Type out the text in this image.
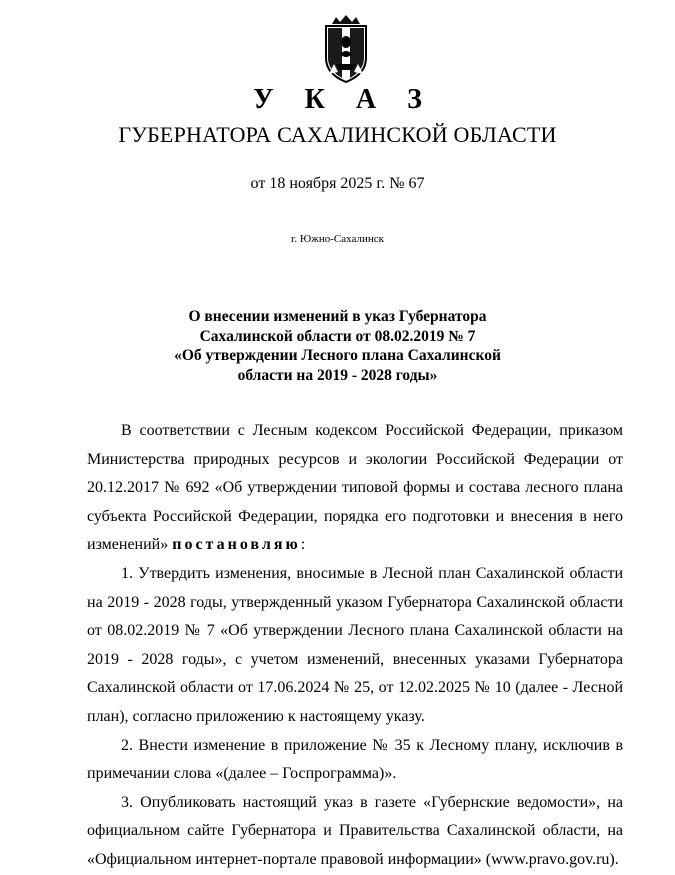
У К А З
ГУБЕРНАТОРА САХАЛИНСКОЙ ОБЛАСТИ
от 18 ноября 2025 г. № 67
г. Южно-Сахалинск
О внесении изменений в указ Губернатора
Сахалинской области от 08.02.2019 № 7
«Об утверждении Лесного плана Сахалинской
области на 2019 - 2028 годы»

В соответствии с Лесным кодексом Российской Федерации, приказом Министерства природных ресурсов и экологии Российской Федерации от 20.12.2017 № 692 «Об утверждении типовой формы и состава лесного плана субъекта Российской Федерации, порядка его подготовки и внесения в него изменений» постановляю:

1. Утвердить изменения, вносимые в Лесной план Сахалинской области на 2019 - 2028 годы, утвержденный указом Губернатора Сахалинской области от 08.02.2019 № 7 «Об утверждении Лесного плана Сахалинской области на 2019 - 2028 годы», с учетом изменений, внесенных указами Губернатора Сахалинской области от 17.06.2024 № 25, от 12.02.2025 № 10 (далее - Лесной план), согласно приложению к настоящему указу.

2. Внести изменение в приложение № 35 к Лесному плану, исключив в примечании слова «(далее – Госпрограмма)».

3. Опубликовать настоящий указ в газете «Губернские ведомости», на официальном сайте Губернатора и Правительства Сахалинской области, на «Официальном интернет-портале правовой информации» (www.pravo.gov.ru).
